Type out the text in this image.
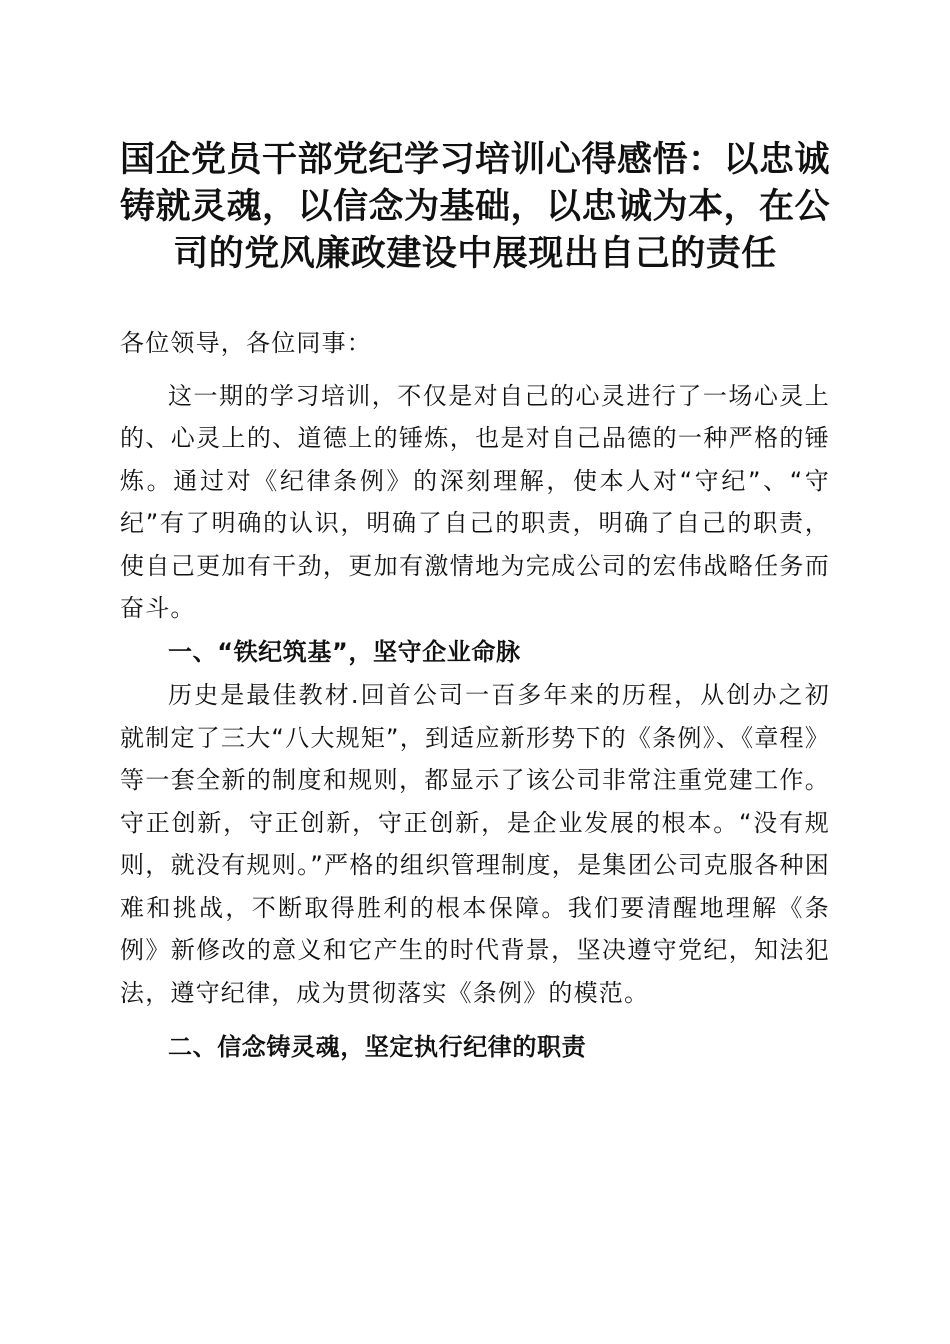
国企党员干部党纪学习培训心得感悟：以忠诚铸就灵魂，以信念为基础，以忠诚为本，在公司的党风廉政建设中展现出自己的责任

各位领导，各位同事：

这一期的学习培训，不仅是对自己的心灵进行了一场心灵上的、心灵上的、道德上的锤炼，也是对自己品德的一种严格的锤炼。通过对《纪律条例》的深刻理解，使本人对“守纪”、“守纪”有了明确的认识，明确了自己的职责，明确了自己的职责，使自己更加有干劲，更加有激情地为完成公司的宏伟战略任务而奋斗。

一、“铁纪筑基”，坚守企业命脉

历史是最佳教材.回首公司一百多年来的历程，从创办之初就制定了三大“八大规矩”，到适应新形势下的《条例》、《章程》等一套全新的制度和规则，都显示了该公司非常注重党建工作。守正创新，守正创新，守正创新，是企业发展的根本。“没有规则，就没有规则。”严格的组织管理制度，是集团公司克服各种困难和挑战，不断取得胜利的根本保障。我们要清醒地理解《条例》新修改的意义和它产生的时代背景，坚决遵守党纪，知法犯法，遵守纪律，成为贯彻落实《条例》的模范。

二、信念铸灵魂，坚定执行纪律的职责
